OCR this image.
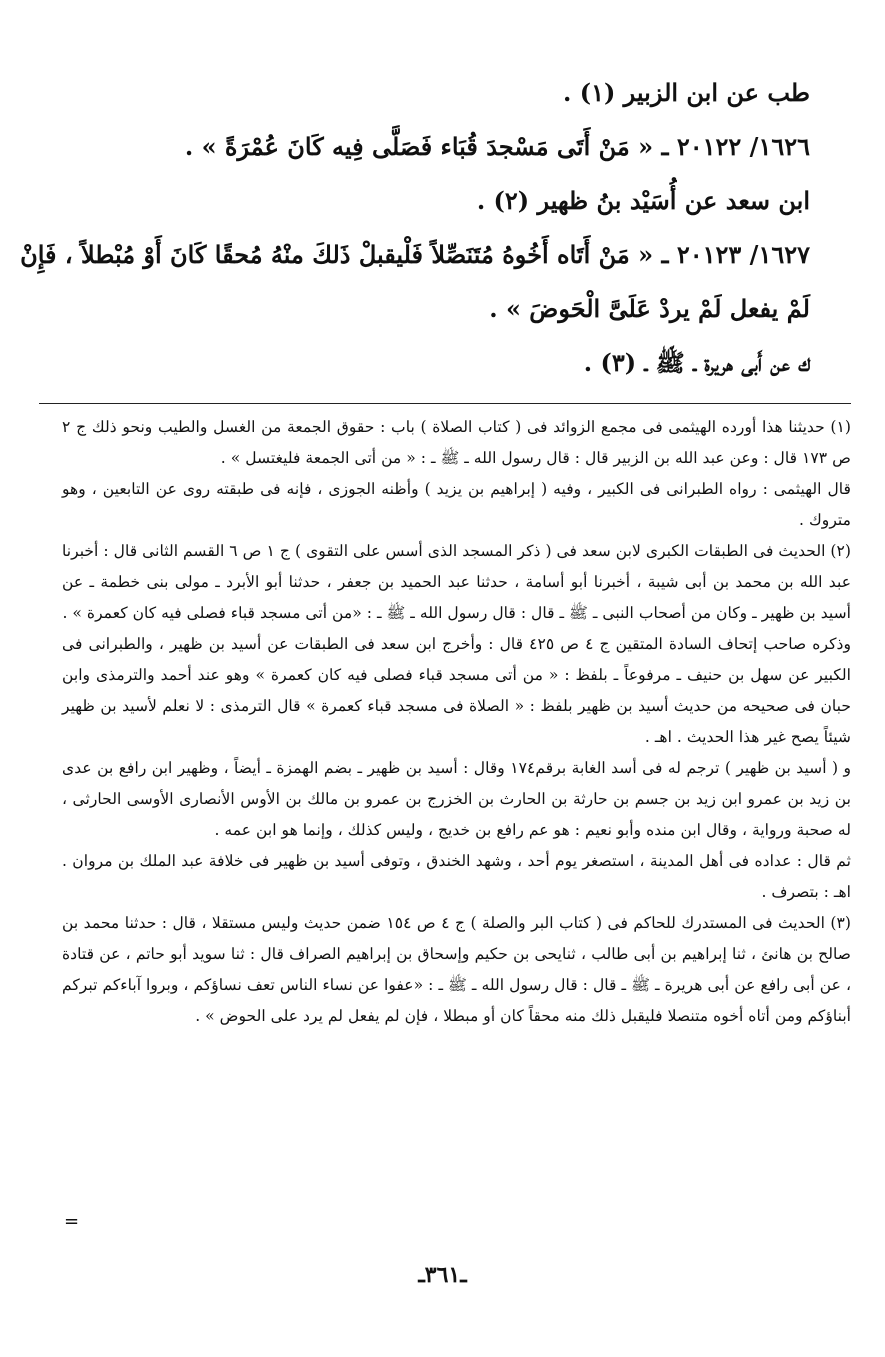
طب عن ابن الزبير (١) .
١٦٢٦/ ٢٠١٢٢ ـ « مَنْ أَتَى مَسْجدَ قُبَاء فَصَلَّى فِيه كَانَ عُمْرَةً » .
ابن سعد عن أُسَيْد بنُ ظهير (٢) .
١٦٢٧/ ٢٠١٢٣ ـ « مَنْ أَتَاه أَخُوهُ مُتَنَصِّلاً فَلْيقبلْ ذَلكَ منْهُ مُحقًا كَانَ أَوْ مُبْطلاً ، فَإِنْ
لَمْ يفعل لَمْ يردْ عَلَىَّ الْحَوضَ » .
ك عن أَبى هريرة ـ ﷺ ـ (٣) .

(١) حديثنا هذا أورده الهيثمى فى مجمع الزوائد فى ( كتاب الصلاة ) باب : حقوق الجمعة من الغسل والطيب ونحو ذلك ج ٢ ص ١٧٣ قال : وعن عبد الله بن الزبير قال : قال رسول الله ـ ﷺ ـ : « من أتى الجمعة فليغتسل » .

قال الهيثمى : رواه الطبرانى فى الكبير ، وفيه ( إبراهيم بن يزيد ) وأظنه الجوزى ، فإنه فى طبقته روى عن التابعين ، وهو متروك .

(٢) الحديث فى الطبقات الكبرى لابن سعد فى ( ذكر المسجد الذى أسس على التقوى ) ج ١ ص ٦ القسم الثانى قال : أخبرنا عبد الله بن محمد بن أبى شيبة ، أخبرنا أبو أسامة ، حدثنا عبد الحميد بن جعفر ، حدثنا أبو الأبرد ـ مولى بنى خطمة ـ عن أسيد بن ظهير ـ وكان من أصحاب النبى ـ ﷺ ـ قال : قال رسول الله ـ ﷺ ـ : «من أتى مسجد قباء فصلى فيه كان كعمرة » .

وذكره صاحب إتحاف السادة المتقين ج ٤ ص ٤٢٥ قال : وأخرج ابن سعد فى الطبقات عن أسيد بن ظهير ، والطبرانى فى الكبير عن سهل بن حنيف ـ مرفوعاً ـ بلفظ : « من أتى مسجد قباء فصلى فيه كان كعمرة » وهو عند أحمد والترمذى وابن حبان فى صحيحه من حديث أسيد بن ظهير بلفظ : « الصلاة فى مسجد قباء كعمرة » قال الترمذى : لا نعلم لأسيد بن ظهير شيئاً يصح غير هذا الحديث . اهـ .

و ( أسيد بن ظهير ) ترجم له فى أسد الغابة برقم١٧٤ وقال : أسيد بن ظهير ـ بضم الهمزة ـ أيضاً ، وظهير ابن رافع بن عدى بن زيد بن عمرو ابن زيد بن جسم بن حارثة بن الحارث بن الخزرج بن عمرو بن مالك بن الأوس الأنصارى الأوسى الحارثى ، له صحبة ورواية ، وقال ابن منده وأبو نعيم : هو عم رافع بن خديج ، وليس كذلك ، وإنما هو ابن عمه .

ثم قال : عداده فى أهل المدينة ، استصغر يوم أحد ، وشهد الخندق ، وتوفى أسيد بن ظهير فى خلافة عبد الملك بن مروان . اهـ : بتصرف .

(٣) الحديث فى المستدرك للحاكم فى ( كتاب البر والصلة ) ج ٤ ص ١٥٤ ضمن حديث وليس مستقلا ، قال : حدثنا محمد بن صالح بن هانئ ، ثنا إبراهيم بن أبى طالب ، ثنايحى بن حكيم وإسحاق بن إبراهيم الصراف قال : ثنا سويد أبو حاتم ، عن قتادة ، عن أبى رافع عن أبى هريرة ـ ﷺ ـ قال : قال رسول الله ـ ﷺ ـ : «عفوا عن نساء الناس تعف نساؤكم ، وبروا آباءكم تبركم أبناؤكم ومن أتاه أخوه متنصلا فليقبل ذلك منه محقاً كان أو مبطلا ، فإن لم يفعل لم يرد على الحوض » .

=
ـ٣٦١ـ
